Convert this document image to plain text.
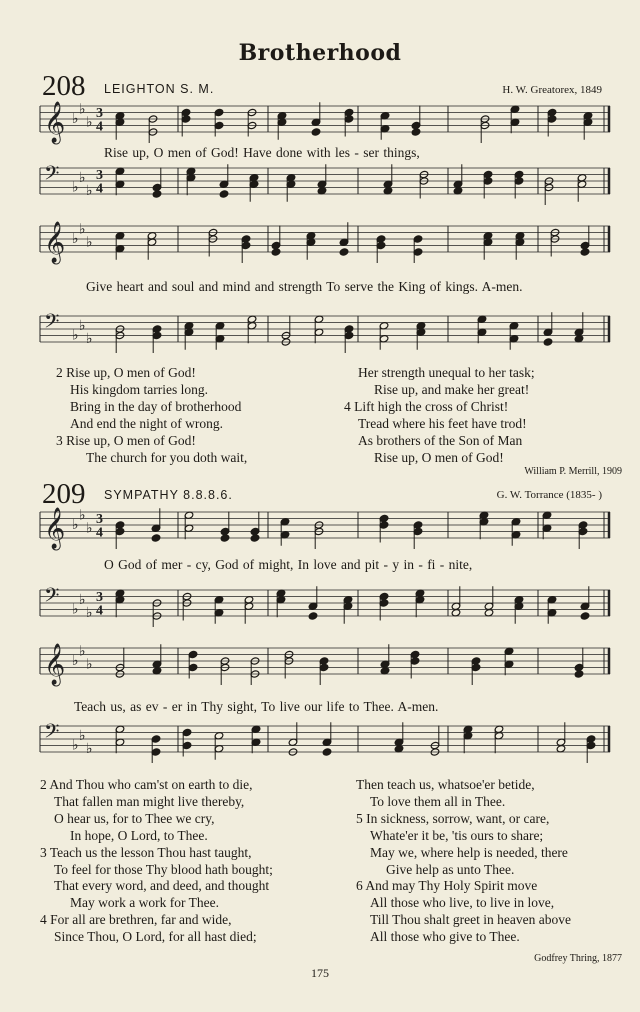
Brotherhood
208 LEIGHTON S. M.	H. W. Greatorex, 1849
𝄞 ♭
♭
♭
3
4
Rise up, O men of God! Have done with les - ser things,
𝄢 ♭
♭
♭
3
4
𝄞 ♭
♭
♭
Give heart and soul and mind and strength To serve the King of kings. A-men.
𝄢 ♭
♭
♭
2 Rise up, O men of God!
His kingdom tarries long.
Bring in the day of brotherhood
And end the night of wrong.
3 Rise up, O men of God!
The church for you doth wait,
Her strength unequal to her task;
Rise up, and make her great!
4 Lift high the cross of Christ!
Tread where his feet have trod!
As brothers of the Son of Man
Rise up, O men of God!
William P. Merrill, 1909
209 SYMPATHY 8.8.8.6.	G. W. Torrance (1835- )
𝄞 ♭
♭
♭
3
4
O God of mer - cy, God of might, In love and pit - y in - fi - nite,
𝄢 ♭
♭
♭
3
4
𝄞 ♭
♭
♭
Teach us, as ev - er in Thy sight, To live our life to Thee. A-men.
𝄢 ♭
♭
♭
2 And Thou who cam'st on earth to die,
That fallen man might live thereby,
O hear us, for to Thee we cry,
In hope, O Lord, to Thee.
3 Teach us the lesson Thou hast taught,
To feel for those Thy blood hath bought;
That every word, and deed, and thought
May work a work for Thee.
4 For all are brethren, far and wide,
Since Thou, O Lord, for all hast died;
Then teach us, whatsoe'er betide,
To love them all in Thee.
5 In sickness, sorrow, want, or care,
Whate'er it be, 'tis ours to share;
May we, where help is needed, there
Give help as unto Thee.
6 And may Thy Holy Spirit move
All those who live, to live in love,
Till Thou shalt greet in heaven above
All those who give to Thee.
Godfrey Thring, 1877
175
